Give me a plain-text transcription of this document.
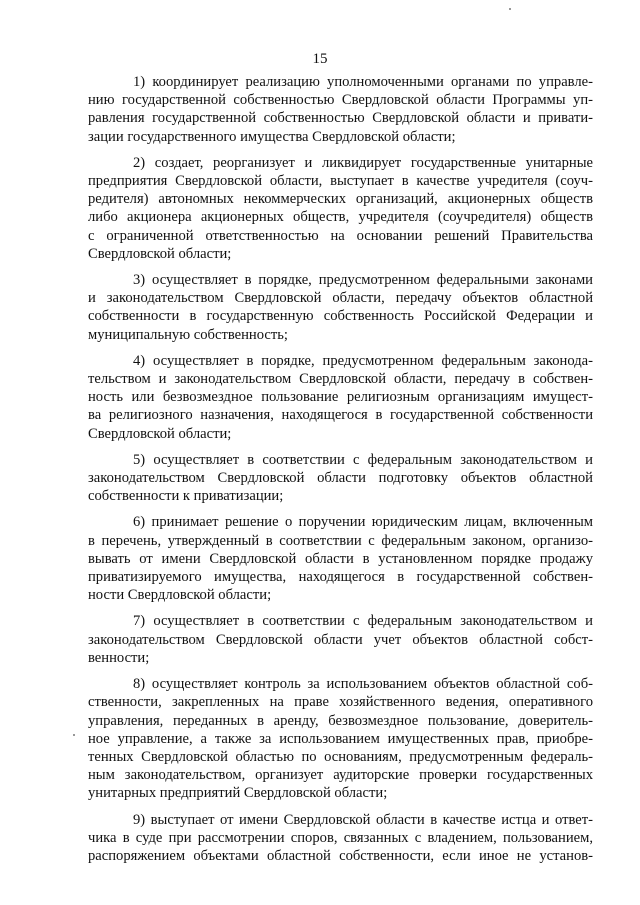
15
1) координирует реализацию уполномоченными органами по управле-
нию государственной собственностью Свердловской области Программы уп-
равления государственной собственностью Свердловской области и привати-
зации государственного имущества Свердловской области;
2) создает, реорганизует и ликвидирует государственные унитарные
предприятия Свердловской области, выступает в качестве учредителя (соуч-
редителя) автономных некоммерческих организаций, акционерных обществ
либо акционера акционерных обществ, учредителя (соучредителя) обществ
с ограниченной ответственностью на основании решений Правительства
Свердловской области;
3) осуществляет в порядке, предусмотренном федеральными законами
и законодательством Свердловской области, передачу объектов областной
собственности в государственную собственность Российской Федерации и
муниципальную собственность;
4) осуществляет в порядке, предусмотренном федеральным законода-
тельством и законодательством Свердловской области, передачу в собствен-
ность или безвозмездное пользование религиозным организациям имущест-
ва религиозного назначения, находящегося в государственной собственности
Свердловской области;
5) осуществляет в соответствии с федеральным законодательством и
законодательством Свердловской области подготовку объектов областной
собственности к приватизации;
6) принимает решение о поручении юридическим лицам, включенным
в перечень, утвержденный в соответствии с федеральным законом, организо-
вывать от имени Свердловской области в установленном порядке продажу
приватизируемого имущества, находящегося в государственной собствен-
ности Свердловской области;
7) осуществляет в соответствии с федеральным законодательством и
законодательством Свердловской области учет объектов областной собст-
венности;
8) осуществляет контроль за использованием объектов областной соб-
ственности, закрепленных на праве хозяйственного ведения, оперативного
управления, переданных в аренду, безвозмездное пользование, доверитель-
ное управление, а также за использованием имущественных прав, приобре-
тенных Свердловской областью по основаниям, предусмотренным федераль-
ным законодательством, организует аудиторские проверки государственных
унитарных предприятий Свердловской области;
9) выступает от имени Свердловской области в качестве истца и ответ-
чика в суде при рассмотрении споров, связанных с владением, пользованием,
распоряжением объектами областной собственности, если иное не установ-
